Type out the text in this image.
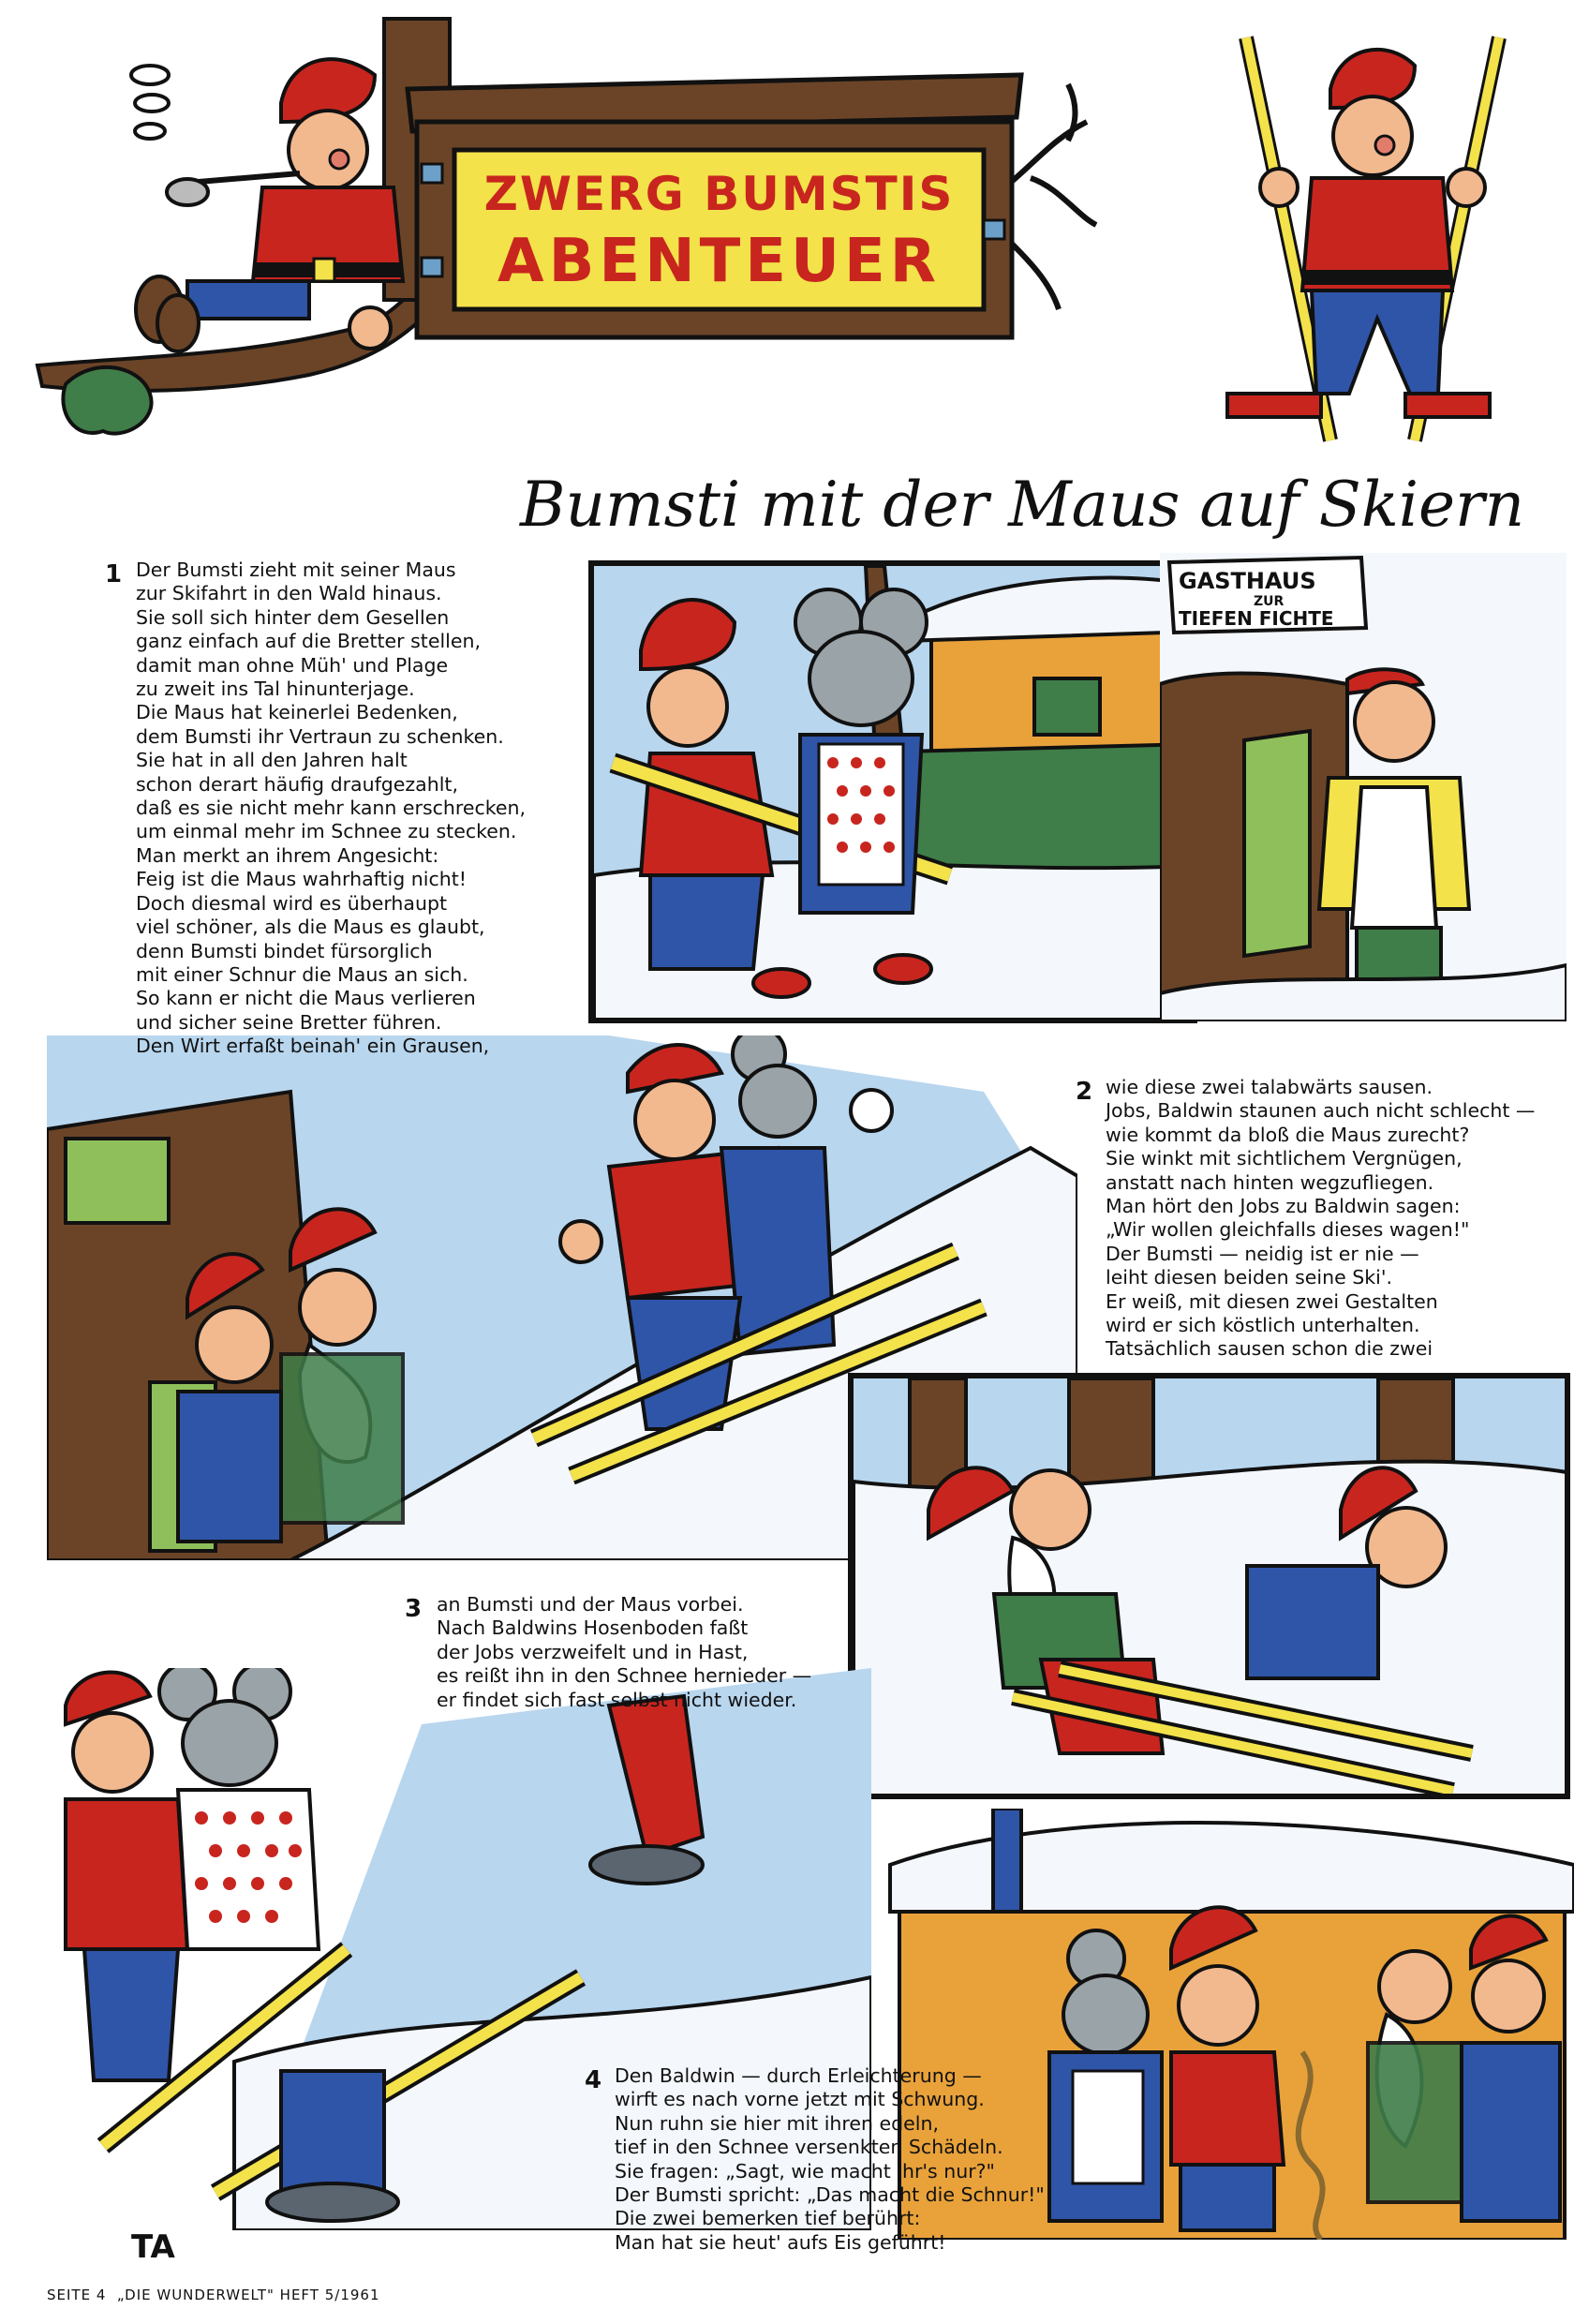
ZWERG BUMSTIS
ABENTEUER
Bumsti mit der Maus auf Skiern
GASTHAUS
ZUR
TIEFEN FICHTE
1 Der Bumsti zieht mit seiner Maus
zur Skifahrt in den Wald hinaus.
Sie soll sich hinter dem Gesellen
ganz einfach auf die Bretter stellen,
damit man ohne Müh' und Plage
zu zweit ins Tal hinunterjage.
Die Maus hat keinerlei Bedenken,
dem Bumsti ihr Vertraun zu schenken.
Sie hat in all den Jahren halt
schon derart häufig draufgezahlt,
daß es sie nicht mehr kann erschrecken,
um einmal mehr im Schnee zu stecken.
Man merkt an ihrem Angesicht:
Feig ist die Maus wahrhaftig nicht!
Doch diesmal wird es überhaupt
viel schöner, als die Maus es glaubt,
denn Bumsti bindet fürsorglich
mit einer Schnur die Maus an sich.
So kann er nicht die Maus verlieren
und sicher seine Bretter führen.
Den Wirt erfaßt beinah' ein Grausen,
2 wie diese zwei talabwärts sausen.
Jobs, Baldwin staunen auch nicht schlecht —
wie kommt da bloß die Maus zurecht?
Sie winkt mit sichtlichem Vergnügen,
anstatt nach hinten wegzufliegen.
Man hört den Jobs zu Baldwin sagen:
„Wir wollen gleichfalls dieses wagen!"
Der Bumsti — neidig ist er nie —
leiht diesen beiden seine Ski'.
Er weiß, mit diesen zwei Gestalten
wird er sich köstlich unterhalten.
Tatsächlich sausen schon die zwei
3 an Bumsti und der Maus vorbei.
Nach Baldwins Hosenboden faßt
der Jobs verzweifelt und in Hast,
es reißt ihn in den Schnee hernieder —
er findet sich fast selbst nicht wieder.
4 Den Baldwin — durch Erleichterung —
wirft es nach vorne jetzt mit Schwung.
Nun ruhn sie hier mit ihren edeln,
tief in den Schnee versenkten Schädeln.
Sie fragen: „Sagt, wie macht ihr's nur?"
Der Bumsti spricht: „Das macht die Schnur!"
Die zwei bemerken tief berührt:
Man hat sie heut' aufs Eis geführt!
TA
SEITE 4  „DIE WUNDERWELT" HEFT 5/1961
